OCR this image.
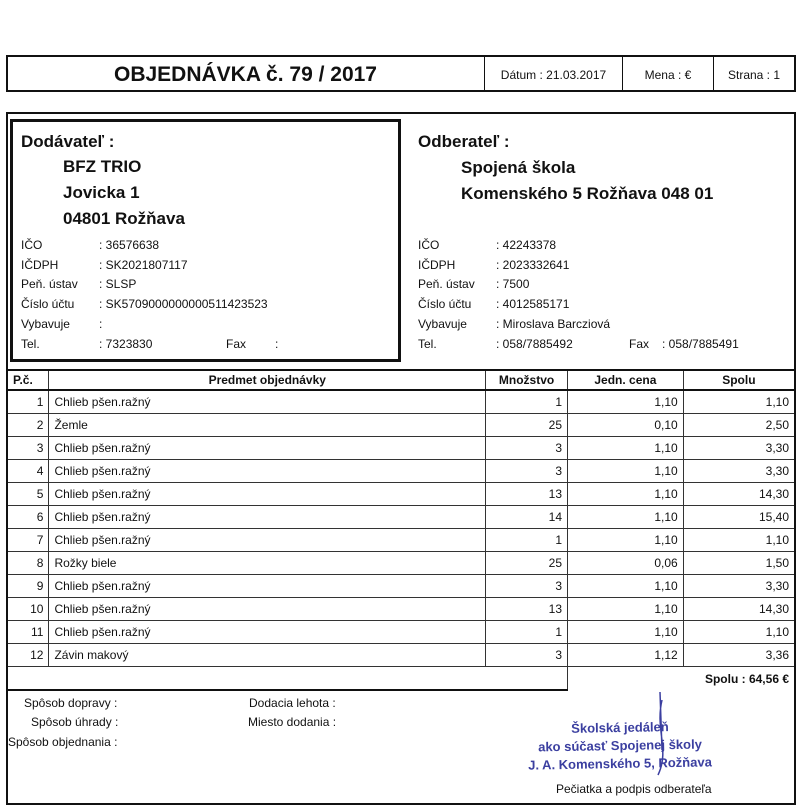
OBJEDNÁVKA č. 79 / 2017	Dátum : 21.03.2017	Mena : €	Strana : 1
Dodávateľ :
BFZ TRIO
Jovicka 1
04801 Rožňava
IČO	: 36576638
IČDPH	: SK2021807117
Peň. ústav : SLSP
Číslo účtu : SK5709000000000511423523
Vybavuje :
Tel.	: 7323830	Fax :
Odberateľ :
Spojená škola
Komenského 5 Rožňava 048 01
IČO	: 42243378
IČDPH	: 2023332641
Peň. ústav : 7500
Číslo účtu : 4012585171
Vybavuje : Miroslava Barcziová
Tel.	: 058/7885492	Fax : 058/7885491
P.č.	Predmet objednávky	Množstvo	Jedn. cena	Spolu
1	Chlieb pšen.ražný	1	1,10	1,10
2	Žemle	25	0,10	2,50
3	Chlieb pšen.ražný	3	1,10	3,30
4	Chlieb pšen.ražný	3	1,10	3,30
5	Chlieb pšen.ražný	13	1,10	14,30
6	Chlieb pšen.ražný	14	1,10	15,40
7	Chlieb pšen.ražný	1	1,10	1,10
8	Rožky biele	25	0,06	1,50
9	Chlieb pšen.ražný	3	1,10	3,30
10	Chlieb pšen.ražný	13	1,10	14,30
11	Chlieb pšen.ražný	1	1,10	1,10
12	Závin makový	3	1,12	3,36
			Spolu : 64,56 €	
Spôsob dopravy :
Spôsob úhrady :
Spôsob objednania :
Dodacia lehota :
Miesto dodania :	Školská jedáleň
ako súčasť Spojenej školy
J. A. Komenského 5, Rožňava
Pečiatka a podpis odberateľa
